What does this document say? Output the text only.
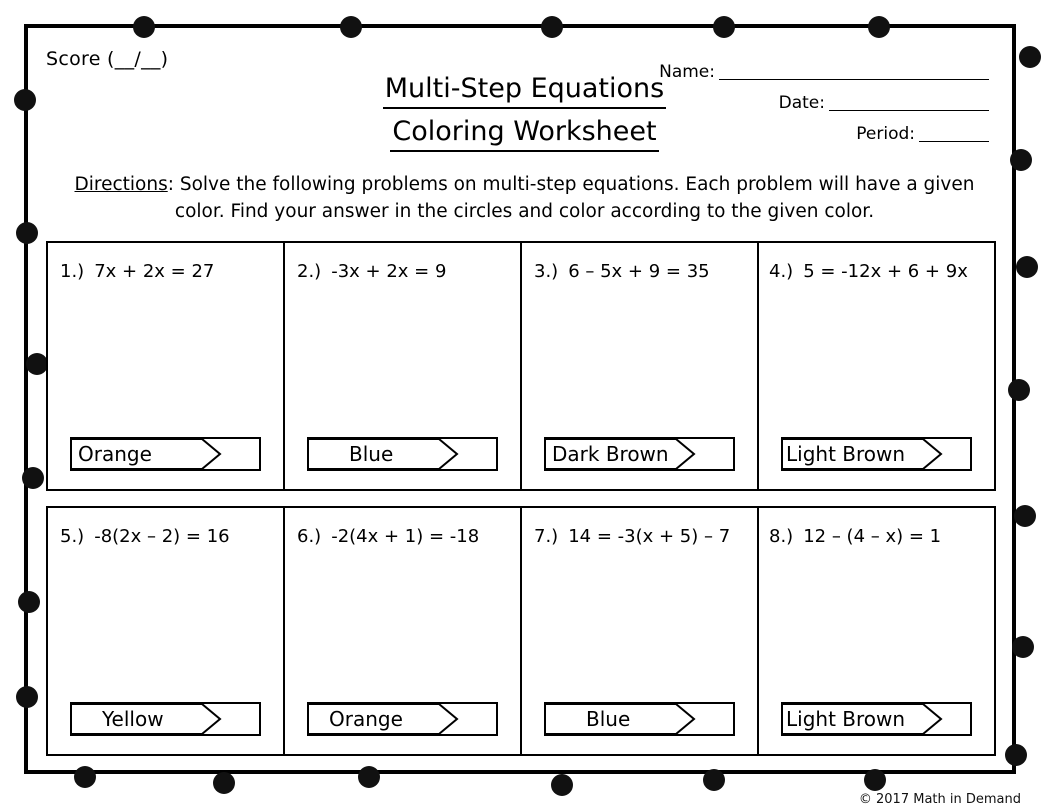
Score (__/__)
Multi-Step Equations
Coloring Worksheet
Name:
Date:
Period:
Directions: Solve the following problems on multi-step equations. Each problem will have a given color. Find your answer in the circles and color according to the given color.
1.) 7x + 2x = 27
Orange
2.) -3x + 2x = 9
Blue
3.) 6 – 5x + 9 = 35
Dark Brown
4.) 5 = -12x + 6 + 9x
Light Brown
5.) -8(2x – 2) = 16
Yellow
6.) -2(4x + 1) = -18
Orange
7.) 14 = -3(x + 5) – 7
Blue
8.) 12 – (4 – x) = 1
Light Brown
© 2017 Math in Demand
